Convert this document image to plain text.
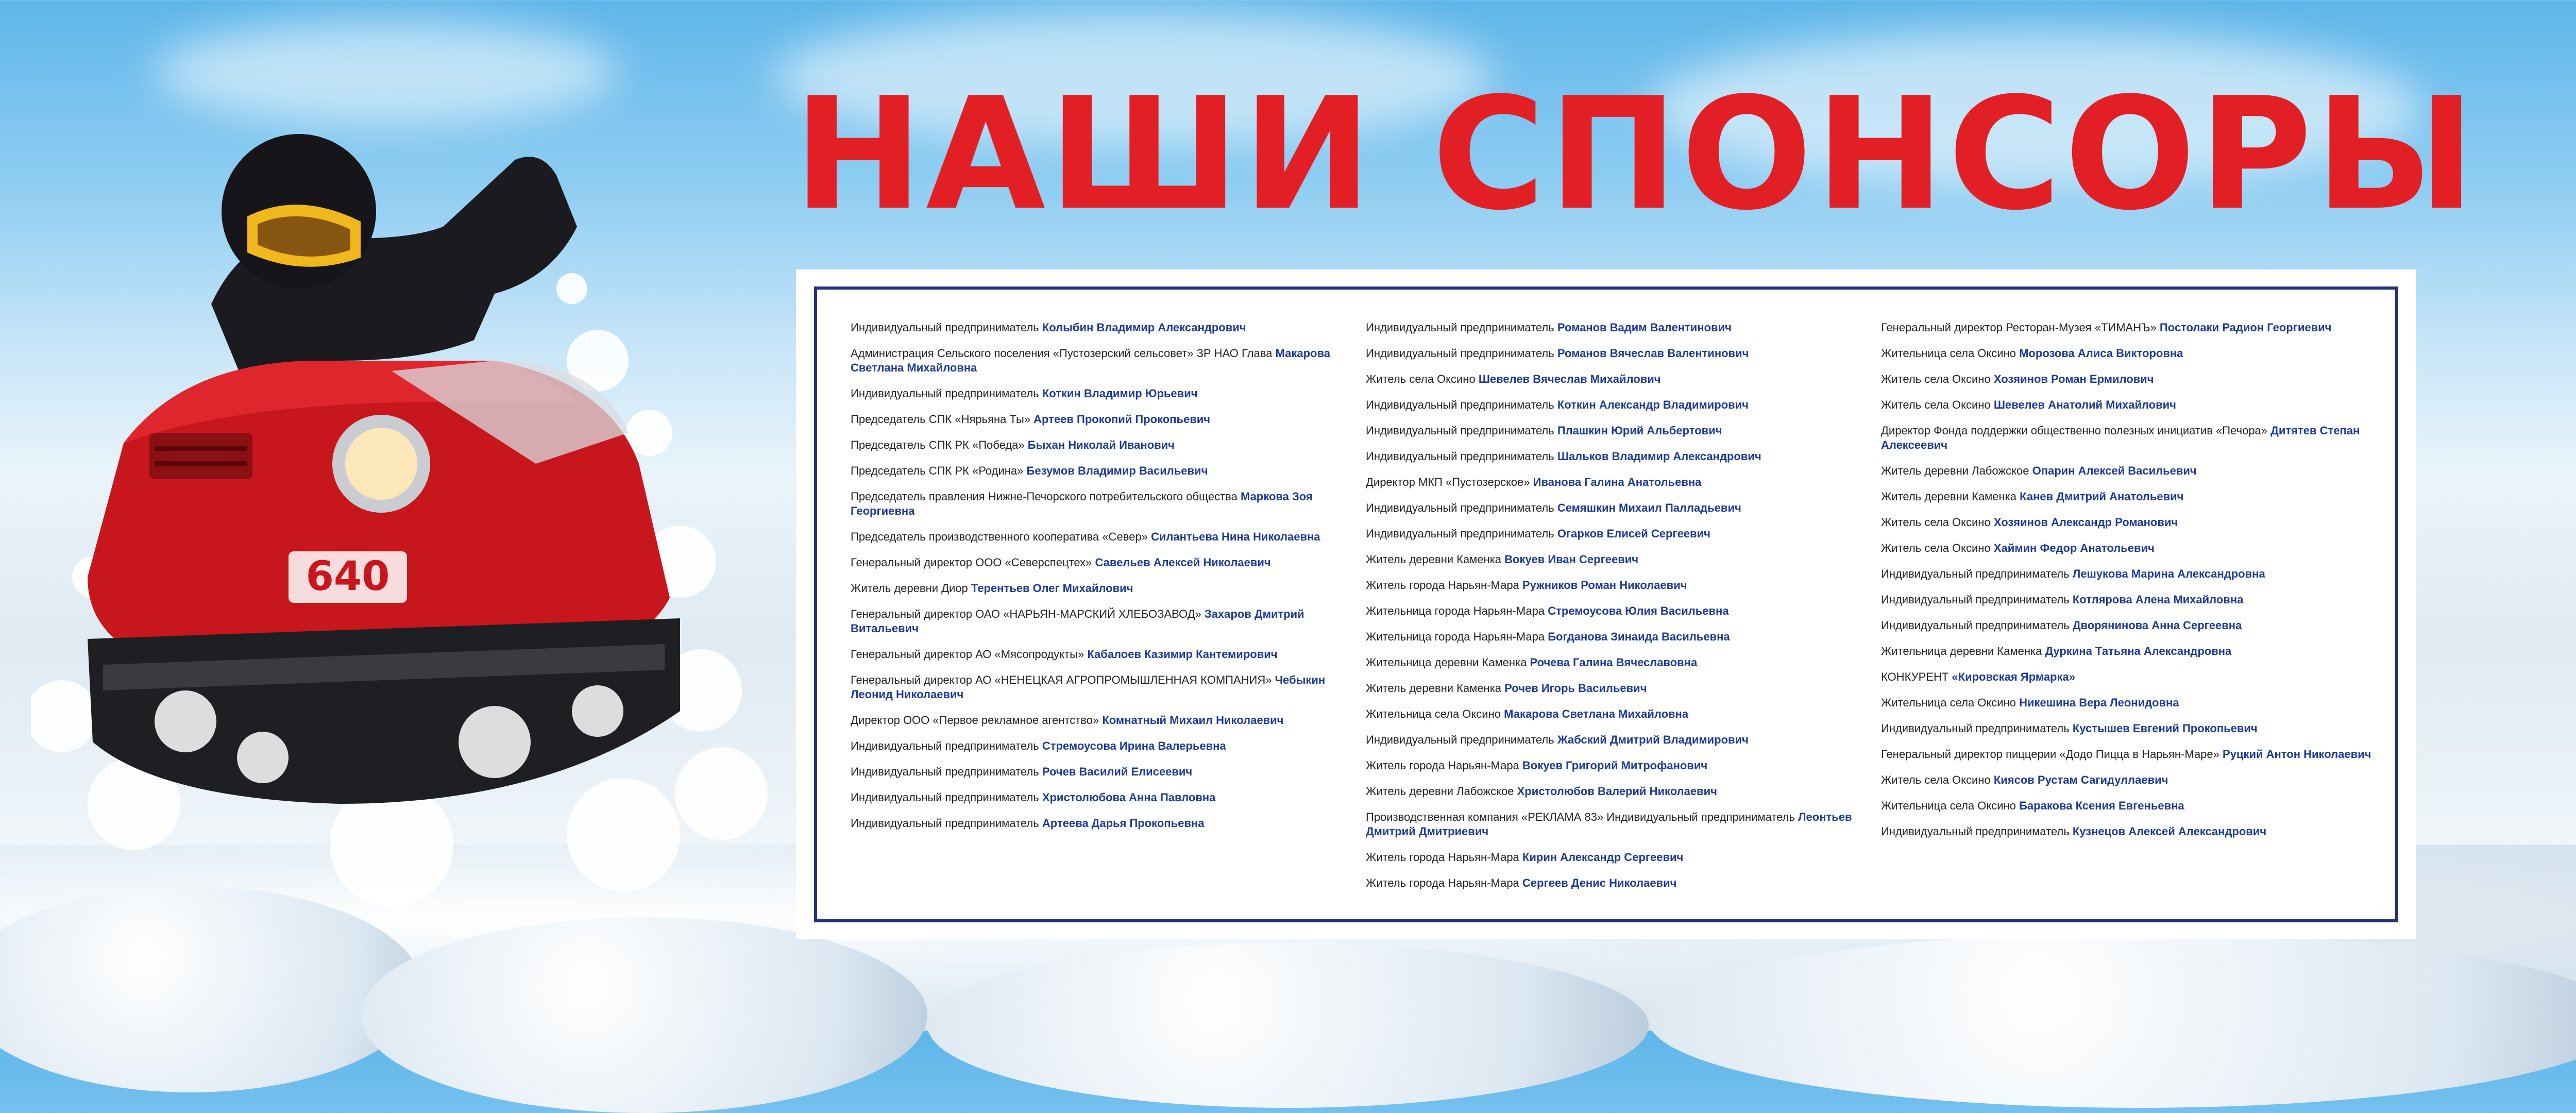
640
НАШИ СПОНСОРЫ

Индивидуальный предприниматель Колыбин Владимир Александрович

Администрация Сельского поселения «Пустозерский сельсовет» ЗР НАО Глава Макарова Светлана Михайловна

Индивидуальный предприниматель Коткин Владимир Юрьевич

Председатель СПК «Нярьяна Ты» Артеев Прокопий Прокопьевич

Председатель СПК РК «Победа» Быхан Николай Иванович

Председатель СПК РК «Родина» Безумов Владимир Васильевич

Председатель правления Нижне-Печорского потребительского общества Маркова Зоя Георгиевна

Председатель производственного кооператива «Север» Силантьева Нина Николаевна

Генеральный директор ООО «Северспецтех» Савельев Алексей Николаевич

Житель деревни Диор Терентьев Олег Михайлович

Генеральный директор ОАО «НАРЬЯН-МАРСКИЙ ХЛЕБОЗАВОД» Захаров Дмитрий Витальевич

Генеральный директор АО «Мясопродукты» Кабалоев Казимир Кантемирович

Генеральный директор АО «НЕНЕЦКАЯ АГРОПРОМЫШЛЕННАЯ КОМПАНИЯ» Чебыкин Леонид Николаевич

Директор ООО «Первое рекламное агентство» Комнатный Михаил Николаевич

Индивидуальный предприниматель Стремоусова Ирина Валерьевна

Индивидуальный предприниматель Рочев Василий Елисеевич

Индивидуальный предприниматель Христолюбова Анна Павловна

Индивидуальный предприниматель Артеева Дарья Прокопьевна

Индивидуальный предприниматель Романов Вадим Валентинович

Индивидуальный предприниматель Романов Вячеслав Валентинович

Житель села Оксино Шевелев Вячеслав Михайлович

Индивидуальный предприниматель Коткин Александр Владимирович

Индивидуальный предприниматель Плашкин Юрий Альбертович

Индивидуальный предприниматель Шальков Владимир Александрович

Директор МКП «Пустозерское» Иванова Галина Анатольевна

Индивидуальный предприниматель Семяшкин Михаил Палладьевич

Индивидуальный предприниматель Огарков Елисей Сергеевич

Житель деревни Каменка Вокуев Иван Сергеевич

Житель города Нарьян-Мара Ружников Роман Николаевич

Жительница города Нарьян-Мара Стремоусова Юлия Васильевна

Жительница города Нарьян-Мара Богданова Зинаида Васильевна

Жительница деревни Каменка Рочева Галина Вячеславовна

Житель деревни Каменка Рочев Игорь Васильевич

Жительница села Оксино Макарова Светлана Михайловна

Индивидуальный предприниматель Жабский Дмитрий Владимирович

Житель города Нарьян-Мара Вокуев Григорий Митрофанович

Житель деревни Лабожское Христолюбов Валерий Николаевич

Производственная компания «РЕКЛАМА 83» Индивидуальный предприниматель Леонтьев Дмитрий Дмитриевич

Житель города Нарьян-Мара Кирин Александр Сергеевич

Житель города Нарьян-Мара Сергеев Денис Николаевич

Генеральный директор Ресторан-Музея «ТИМАНЪ» Постолаки Радион Георгиевич

Жительница села Оксино Морозова Алиса Викторовна

Житель села Оксино Хозяинов Роман Ермилович

Житель села Оксино Шевелев Анатолий Михайлович

Директор Фонда поддержки общественно полезных инициатив «Печора» Дитятев Степан Алексеевич

Житель деревни Лабожское Опарин Алексей Васильевич

Житель деревни Каменка Канев Дмитрий Анатольевич

Житель села Оксино Хозяинов Александр Романович

Житель села Оксино Хаймин Федор Анатольевич

Индивидуальный предприниматель Лешукова Марина Александровна

Индивидуальный предприниматель Котлярова Алена Михайловна

Индивидуальный предприниматель Дворянинова Анна Сергеевна

Жительница деревни Каменка Дуркина Татьяна Александровна

КОНКУРЕНТ «Кировская Ярмарка»

Жительница села Оксино Никешина Вера Леонидовна

Индивидуальный предприниматель Кустышев Евгений Прокопьевич

Генеральный директор пиццерии «Додо Пицца в Нарьян-Маре» Руцкий Антон Николаевич

Житель села Оксино Киясов Рустам Сагидуллаевич

Жительница села Оксино Баракова Ксения Евгеньевна

Индивидуальный предприниматель Кузнецов Алексей Александрович
